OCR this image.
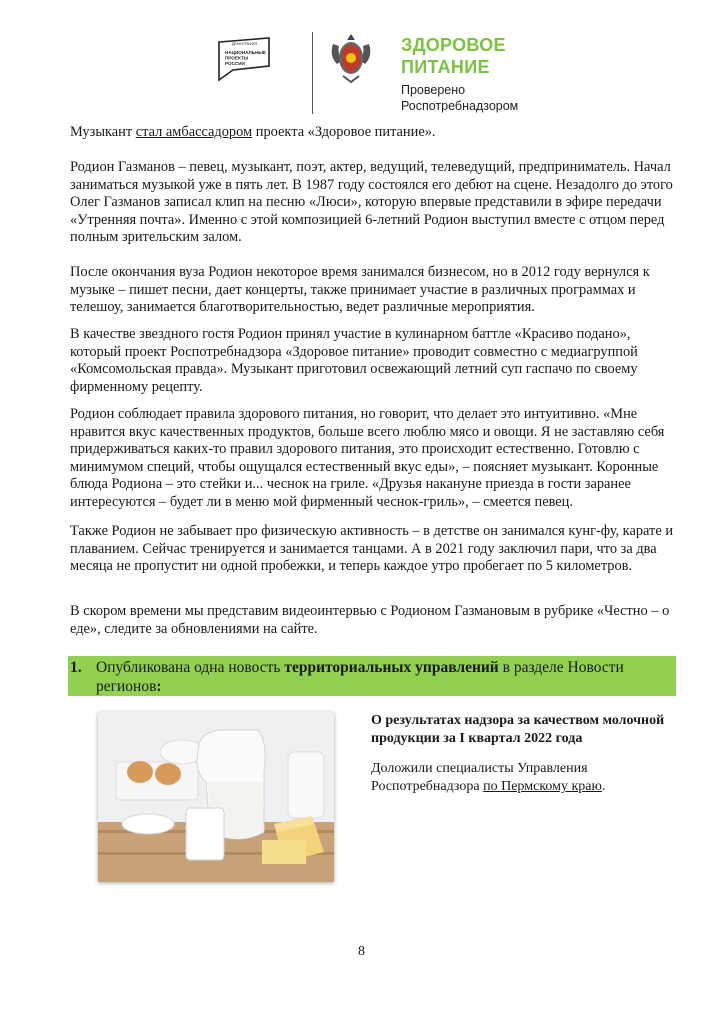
ДЕМОГРАФИЯ
НАЦИОНАЛЬНЫЕ
ПРОЕКТЫ
РОССИИ
ЗДОРОВОЕ
ПИТАНИЕ
Проверено
Роспотребнадзором

Музыкант стал амбассадором проекта «Здоровое питание».

Родион Газманов – певец, музыкант, поэт, актер, ведущий, телеведущий, предприниматель. Начал заниматься музыкой уже в пять лет. В 1987 году состоялся его дебют на сцене. Незадолго до этого Олег Газманов записал клип на песню «Люси», которую впервые представили в эфире передачи «Утренняя почта». Именно с этой композицией 6-летний Родион выступил вместе с отцом перед полным зрительским залом.

После окончания вуза Родион некоторое время занимался бизнесом, но в 2012 году вернулся к музыке – пишет песни, дает концерты, также принимает участие в различных программах и телешоу, занимается благотворительностью, ведет различные мероприятия.

В качестве звездного гостя Родион принял участие в кулинарном баттле «Красиво подано», который проект Роспотребнадзора «Здоровое питание» проводит совместно с медиагруппой «Комсомольская правда». Музыкант приготовил освежающий летний суп гаспачо по своему фирменному рецепту.

Родион соблюдает правила здорового питания, но говорит, что делает это интуитивно. «Мне нравится вкус качественных продуктов, больше всего люблю мясо и овощи. Я не заставляю себя придерживаться каких-то правил здорового питания, это происходит естественно. Готовлю с минимумом специй, чтобы ощущался естественный вкус еды», – поясняет музыкант. Коронные блюда Родиона – это стейки и... чеснок на гриле. «Друзья накануне приезда в гости заранее интересуются – будет ли в меню мой фирменный чеснок-гриль», – смеется певец.

Также Родион не забывает про физическую активность – в детстве он занимался кунг-фу, карате и плаванием. Сейчас тренируется и занимается танцами. А в 2021 году заключил пари, что за два месяца не пропустит ни одной пробежки, и теперь каждое утро пробегает по 5 километров.

В скором времени мы представим видеоинтервью с Родионом Газмановым в рубрике «Честно – о еде», следите за обновлениями на сайте.

1. Опубликована одна новость территориальных управлений в разделе Новости регионов:
О результатах надзора за качеством молочной продукции за I квартал 2022 года
Доложили специалисты Управления Роспотребнадзора по Пермскому краю.
8
